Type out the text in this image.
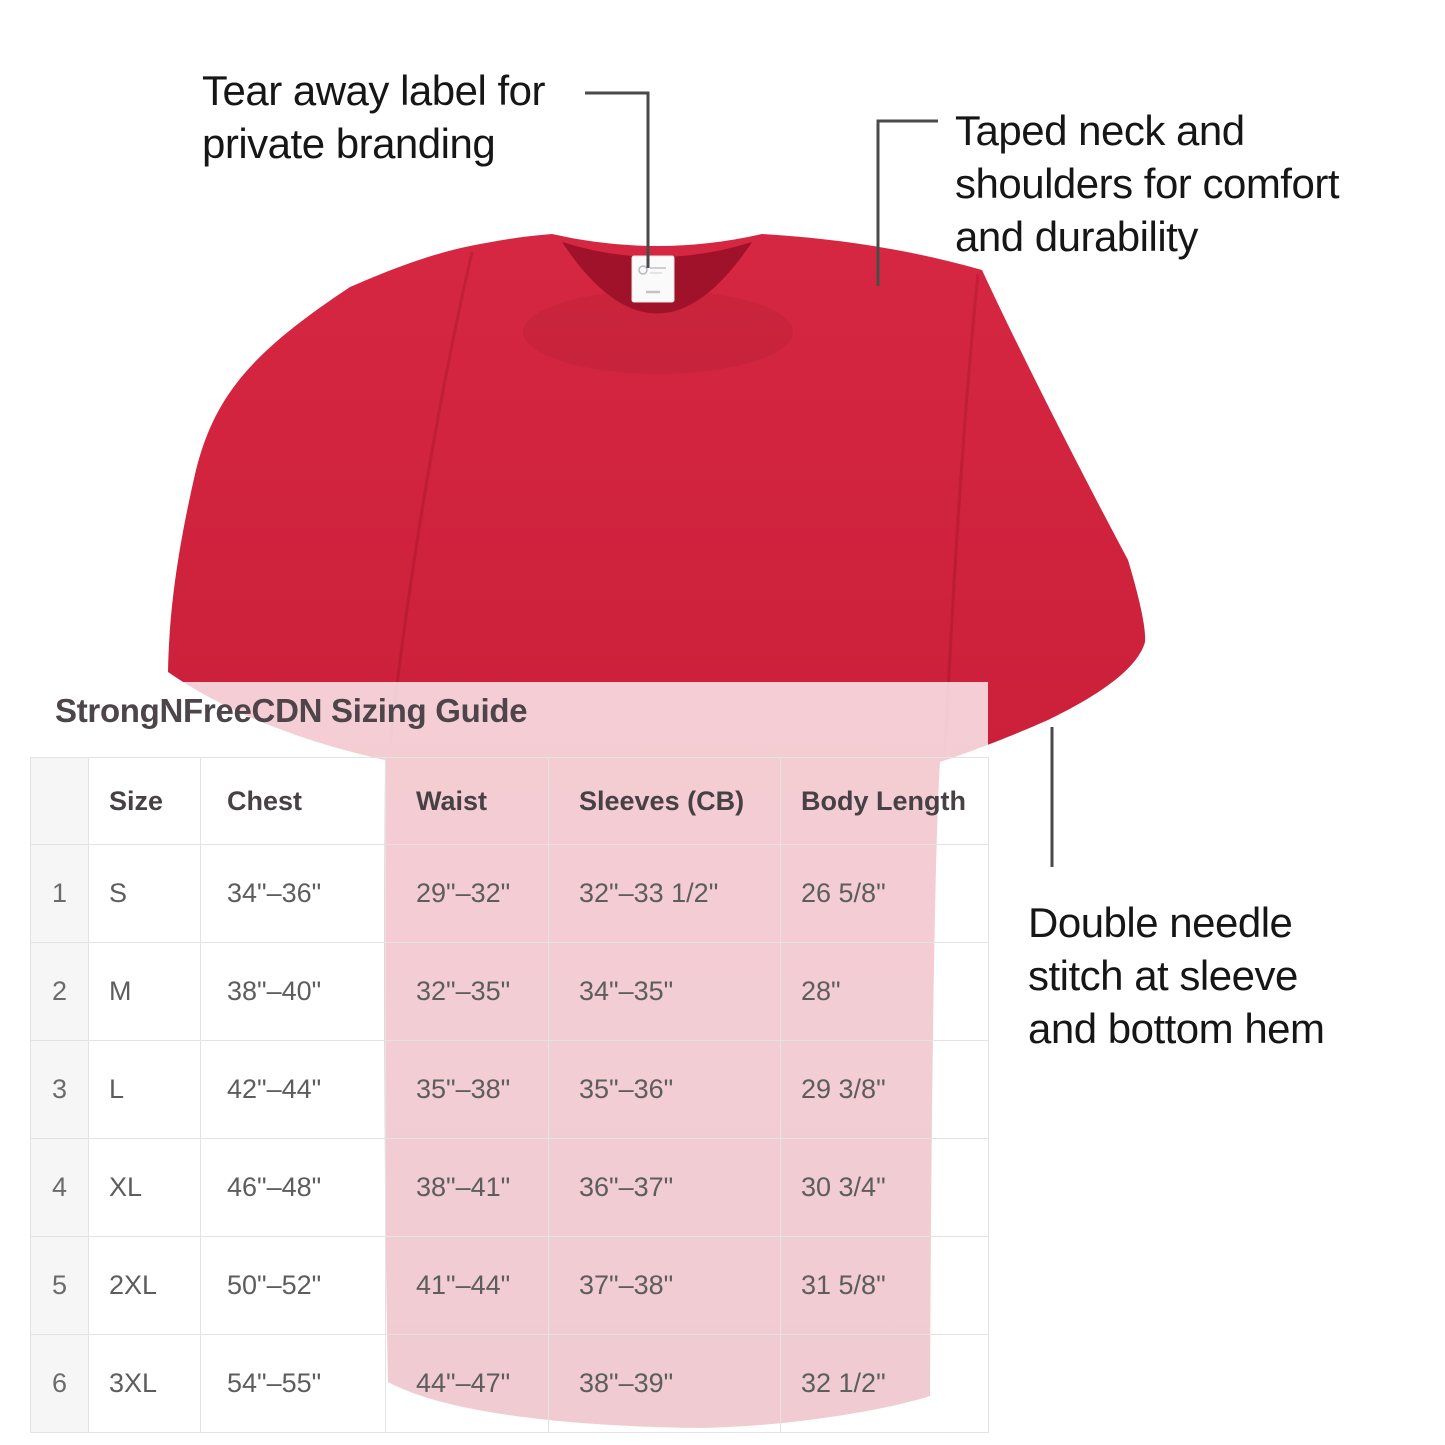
StrongNFreeCDN Sizing Guide
	Size	Chest	Waist	Sleeves (CB)	Body Length
1	S	34"–36"	29"–32"	32"–33 1/2"	26 5/8"
2	M	38"–40"	32"–35"	34"–35"	28"
3	L	42"–44"	35"–38"	35"–36"	29 3/8"
4	XL	46"–48"	38"–41"	36"–37"	30 3/4"
5	2XL	50"–52"	41"–44"	37"–38"	31 5/8"
6	3XL	54"–55"	44"–47"	38"–39"	32 1/2"
Tear away label for
private branding	Taped neck and
shoulders for comfort
and durability
Double needle
stitch at sleeve
and bottom hem
